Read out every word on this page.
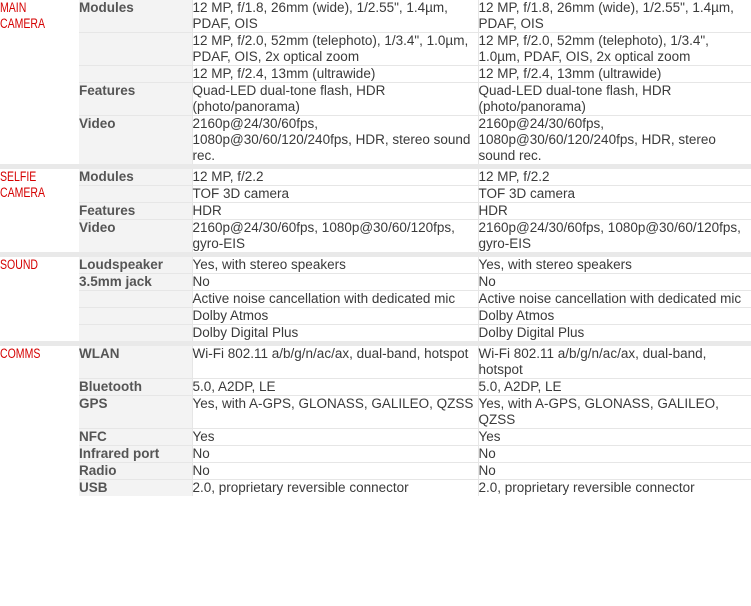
MAIN
CAMERA	Modules	12 MP, f/1.8, 26mm (wide), 1/2.55", 1.4µm, PDAF, OIS	12 MP, f/1.8, 26mm (wide), 1/2.55", 1.4µm, PDAF, OIS
		12 MP, f/2.0, 52mm (telephoto), 1/3.4", 1.0µm, PDAF, OIS, 2x optical zoom	12 MP, f/2.0, 52mm (telephoto), 1/3.4", 1.0µm, PDAF, OIS, 2x optical zoom
		12 MP, f/2.4, 13mm (ultrawide)	12 MP, f/2.4, 13mm (ultrawide)
	Features	Quad-LED dual-tone flash, HDR (photo/panorama)	Quad-LED dual-tone flash, HDR (photo/panorama)
	Video	2160p@24/30/60fps, 1080p@30/60/120/240fps, HDR, stereo sound rec.	2160p@24/30/60fps, 1080p@30/60/120/240fps, HDR, stereo sound rec.

SELFIE
CAMERA	Modules	12 MP, f/2.2	12 MP, f/2.2
		TOF 3D camera	TOF 3D camera
	Features	HDR	HDR
	Video	2160p@24/30/60fps, 1080p@30/60/120fps, gyro-EIS	2160p@24/30/60fps, 1080p@30/60/120fps, gyro-EIS

SOUND	Loudspeaker	Yes, with stereo speakers	Yes, with stereo speakers
	3.5mm jack	No	No
		Active noise cancellation with dedicated mic	Active noise cancellation with dedicated mic
		Dolby Atmos	Dolby Atmos
		Dolby Digital Plus	Dolby Digital Plus

COMMS	WLAN	Wi-Fi 802.11 a/b/g/n/ac/ax, dual-band, hotspot	Wi-Fi 802.11 a/b/g/n/ac/ax, dual-band, hotspot
	Bluetooth	5.0, A2DP, LE	5.0, A2DP, LE
	GPS	Yes, with A-GPS, GLONASS, GALILEO, QZSS	Yes, with A-GPS, GLONASS, GALILEO, QZSS
	NFC	Yes	Yes
	Infrared port	No	No
	Radio	No	No
	USB	2.0, proprietary reversible connector	2.0, proprietary reversible connector
